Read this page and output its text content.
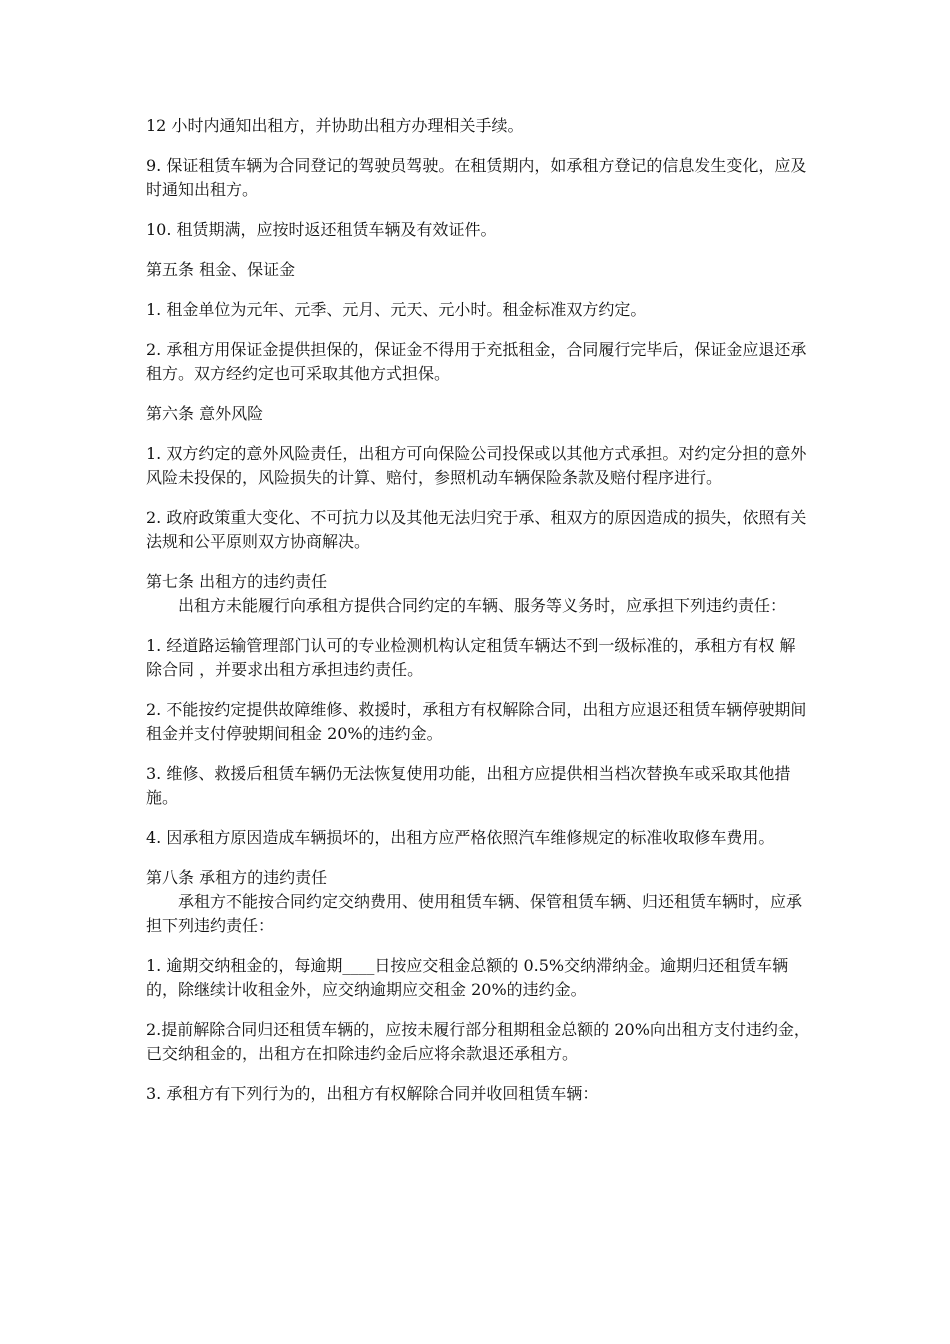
12 小时内通知出租方，并协助出租方办理相关手续。

9. 保证租赁车辆为合同登记的驾驶员驾驶。在租赁期内，如承租方登记的信息发生变化，应及时通知出租方。

10. 租赁期满，应按时返还租赁车辆及有效证件。

第五条 租金、保证金

1. 租金单位为元年、元季、元月、元天、元小时。租金标准双方约定。

2. 承租方用保证金提供担保的，保证金不得用于充抵租金，合同履行完毕后，保证金应退还承租方。双方经约定也可采取其他方式担保。

第六条 意外风险

1. 双方约定的意外风险责任，出租方可向保险公司投保或以其他方式承担。对约定分担的意外风险未投保的，风险损失的计算、赔付，参照机动车辆保险条款及赔付程序进行。

2. 政府政策重大变化、不可抗力以及其他无法归究于承、租双方的原因造成的损失，依照有关法规和公平原则双方协商解决。

第七条 出租方的违约责任

出租方未能履行向承租方提供合同约定的车辆、服务等义务时，应承担下列违约责任：

1. 经道路运输管理部门认可的专业检测机构认定租赁车辆达不到一级标准的，承租方有权 解除合同 ，并要求出租方承担违约责任。

2. 不能按约定提供故障维修、救援时，承租方有权解除合同，出租方应退还租赁车辆停驶期间租金并支付停驶期间租金 20%的违约金。

3. 维修、救援后租赁车辆仍无法恢复使用功能，出租方应提供相当档次替换车或采取其他措施。

4. 因承租方原因造成车辆损坏的，出租方应严格依照汽车维修规定的标准收取修车费用。

第八条 承租方的违约责任

承租方不能按合同约定交纳费用、使用租赁车辆、保管租赁车辆、归还租赁车辆时，应承担下列违约责任：

1. 逾期交纳租金的，每逾期____日按应交租金总额的 0.5%交纳滞纳金。逾期归还租赁车辆的，除继续计收租金外，应交纳逾期应交租金 20%的违约金。

2.提前解除合同归还租赁车辆的，应按未履行部分租期租金总额的 20%向出租方支付违约金，已交纳租金的，出租方在扣除违约金后应将余款退还承租方。

3. 承租方有下列行为的，出租方有权解除合同并收回租赁车辆：
